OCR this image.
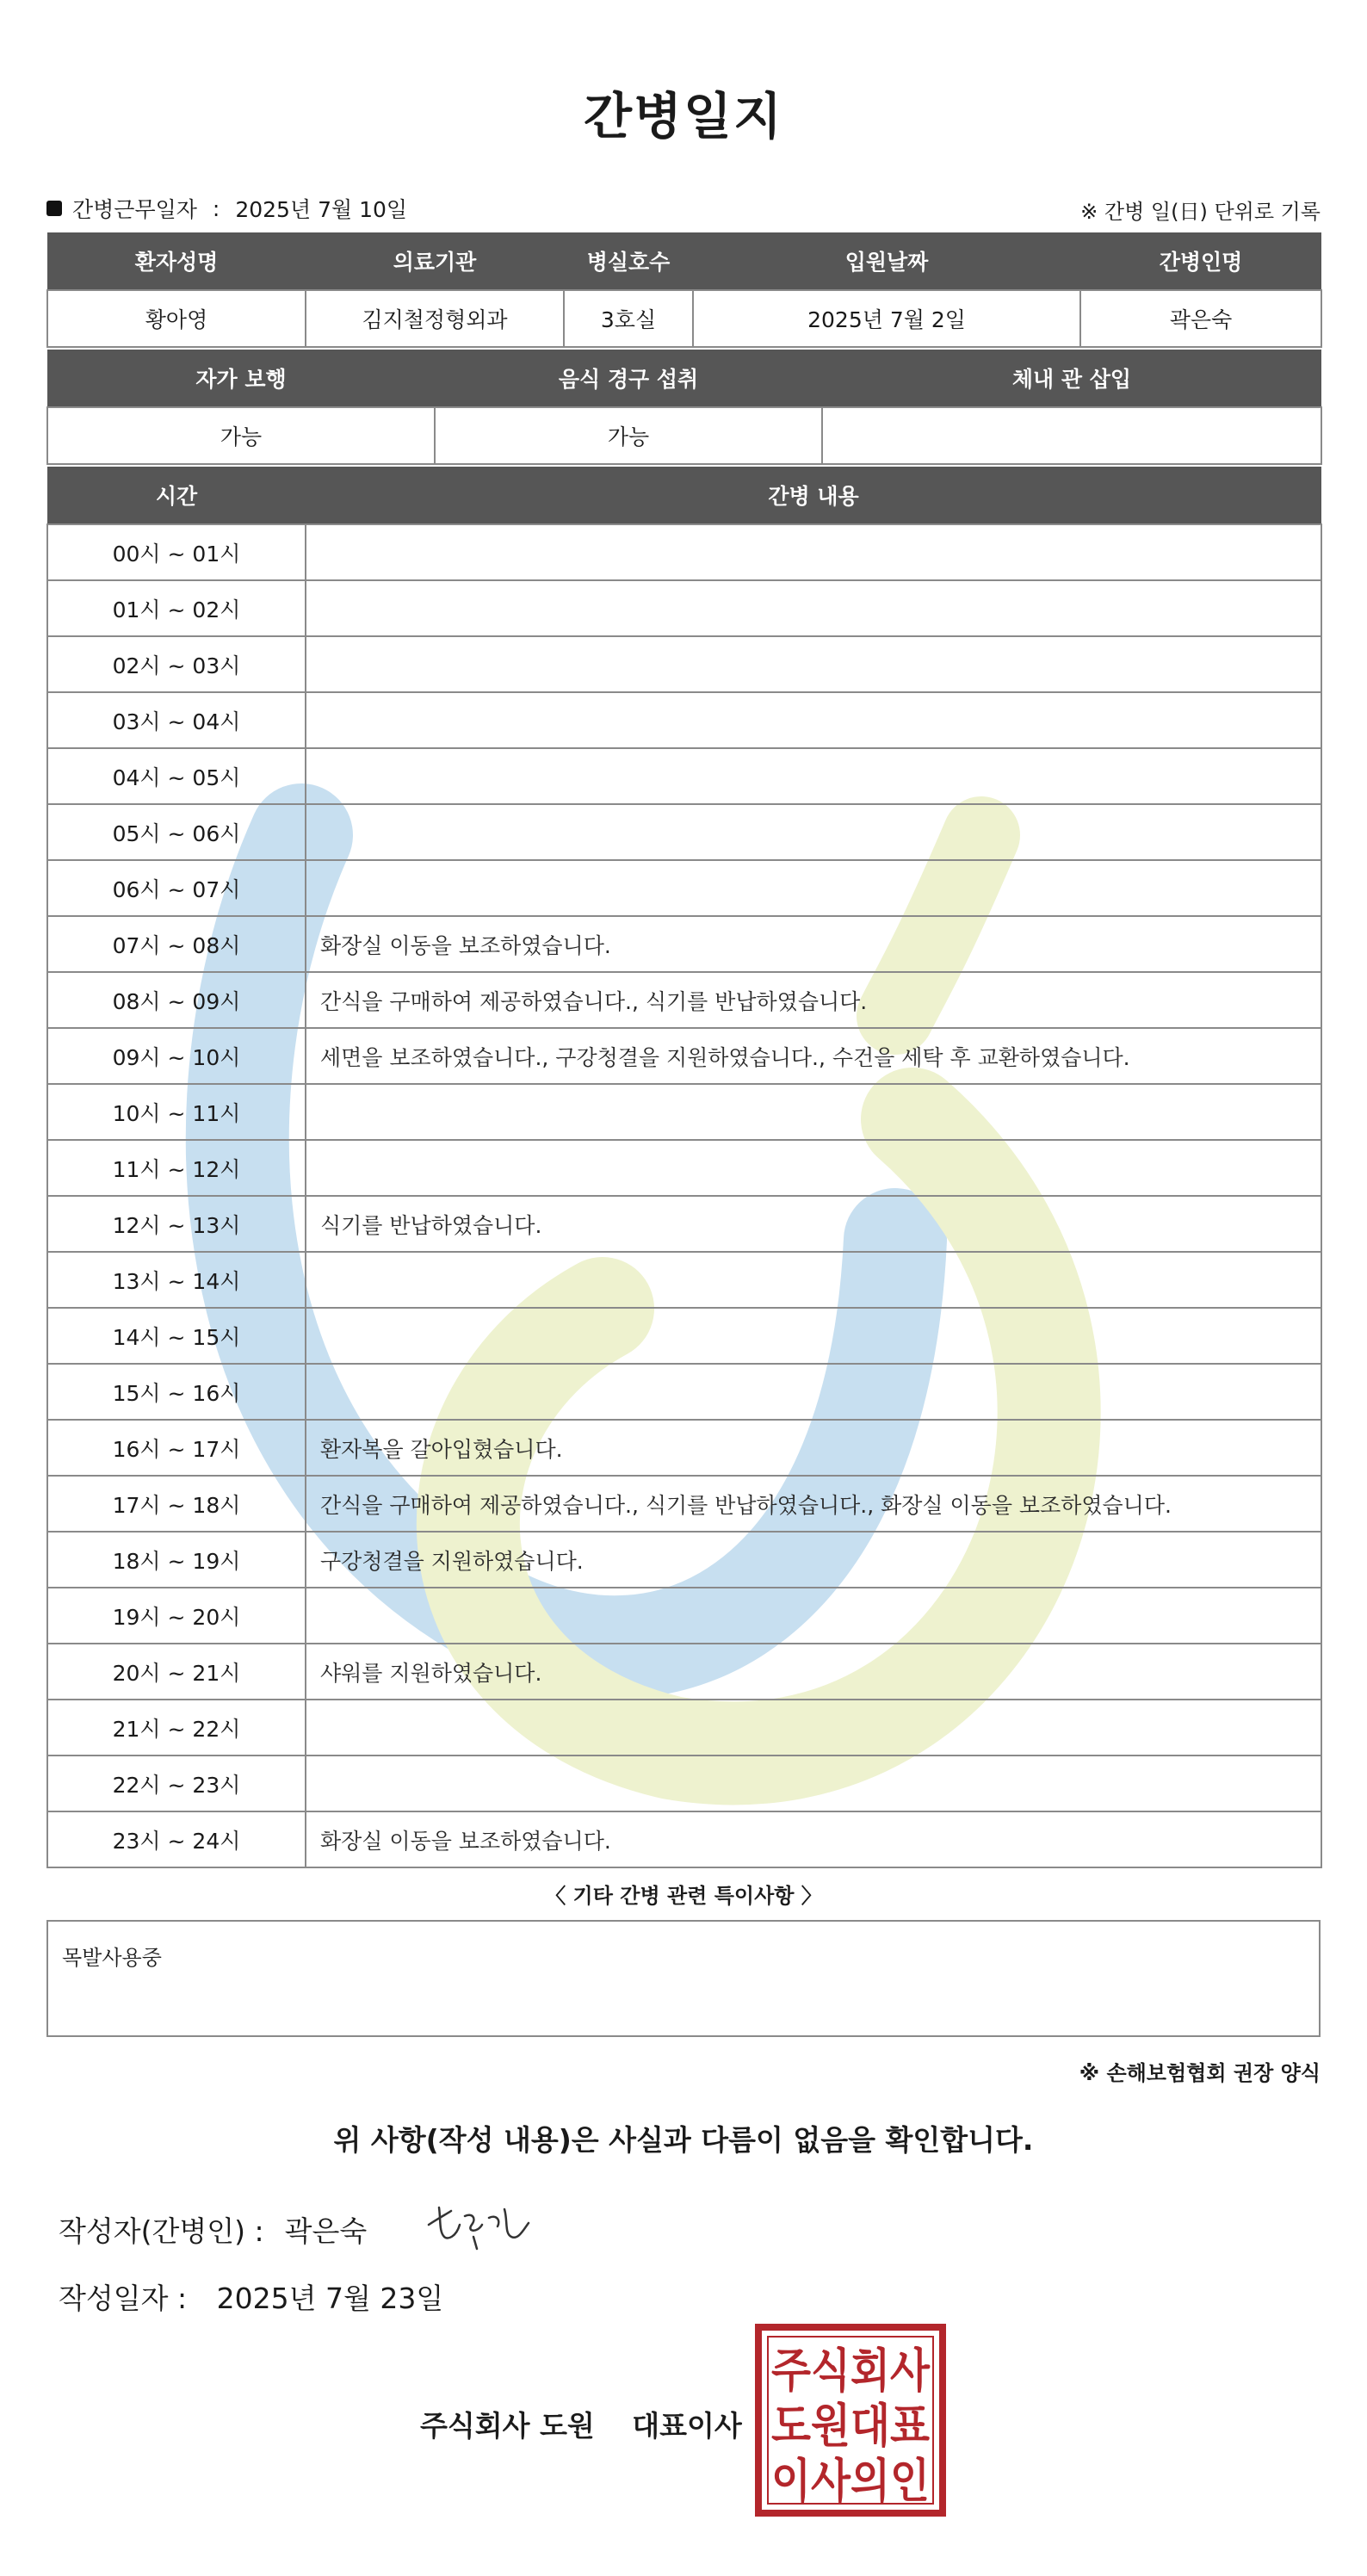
간병일지
간병근무일자 : 2025년 7월 10일	※ 간병 일(日) 단위로 기록
환자성명	의료기관	병실호수	입원날짜	간병인명
황아영	김지철정형외과	3호실	2025년 7월 2일	곽은숙
자가 보행	음식 경구 섭취	체내 관 삽입
가능	가능	
시간	간병 내용
00시 ~ 01시	
01시 ~ 02시	
02시 ~ 03시	
03시 ~ 04시	
04시 ~ 05시	
05시 ~ 06시	
06시 ~ 07시	
07시 ~ 08시	화장실 이동을 보조하였습니다.
08시 ~ 09시	간식을 구매하여 제공하였습니다., 식기를 반납하였습니다.
09시 ~ 10시	세면을 보조하였습니다., 구강청결을 지원하였습니다., 수건을 세탁 후 교환하였습니다.
10시 ~ 11시	
11시 ~ 12시	
12시 ~ 13시	식기를 반납하였습니다.
13시 ~ 14시	
14시 ~ 15시	
15시 ~ 16시	
16시 ~ 17시	환자복을 갈아입혔습니다.
17시 ~ 18시	간식을 구매하여 제공하였습니다., 식기를 반납하였습니다., 화장실 이동을 보조하였습니다.
18시 ~ 19시	구강청결을 지원하였습니다.
19시 ~ 20시	
20시 ~ 21시	샤워를 지원하였습니다.
21시 ~ 22시	
22시 ~ 23시	
23시 ~ 24시	화장실 이동을 보조하였습니다.
〈 기타 간병 관련 특이사항 〉
목발사용중
※ 손해보험협회 권장 양식
위 사항(작성 내용)은 사실과 다름이 없음을 확인합니다.
작성자(간병인) : 곽은숙
작성일자 : 2025년 7월 23일
주식회사 도원 대표이사
주식회사
도원대표
이사의인
